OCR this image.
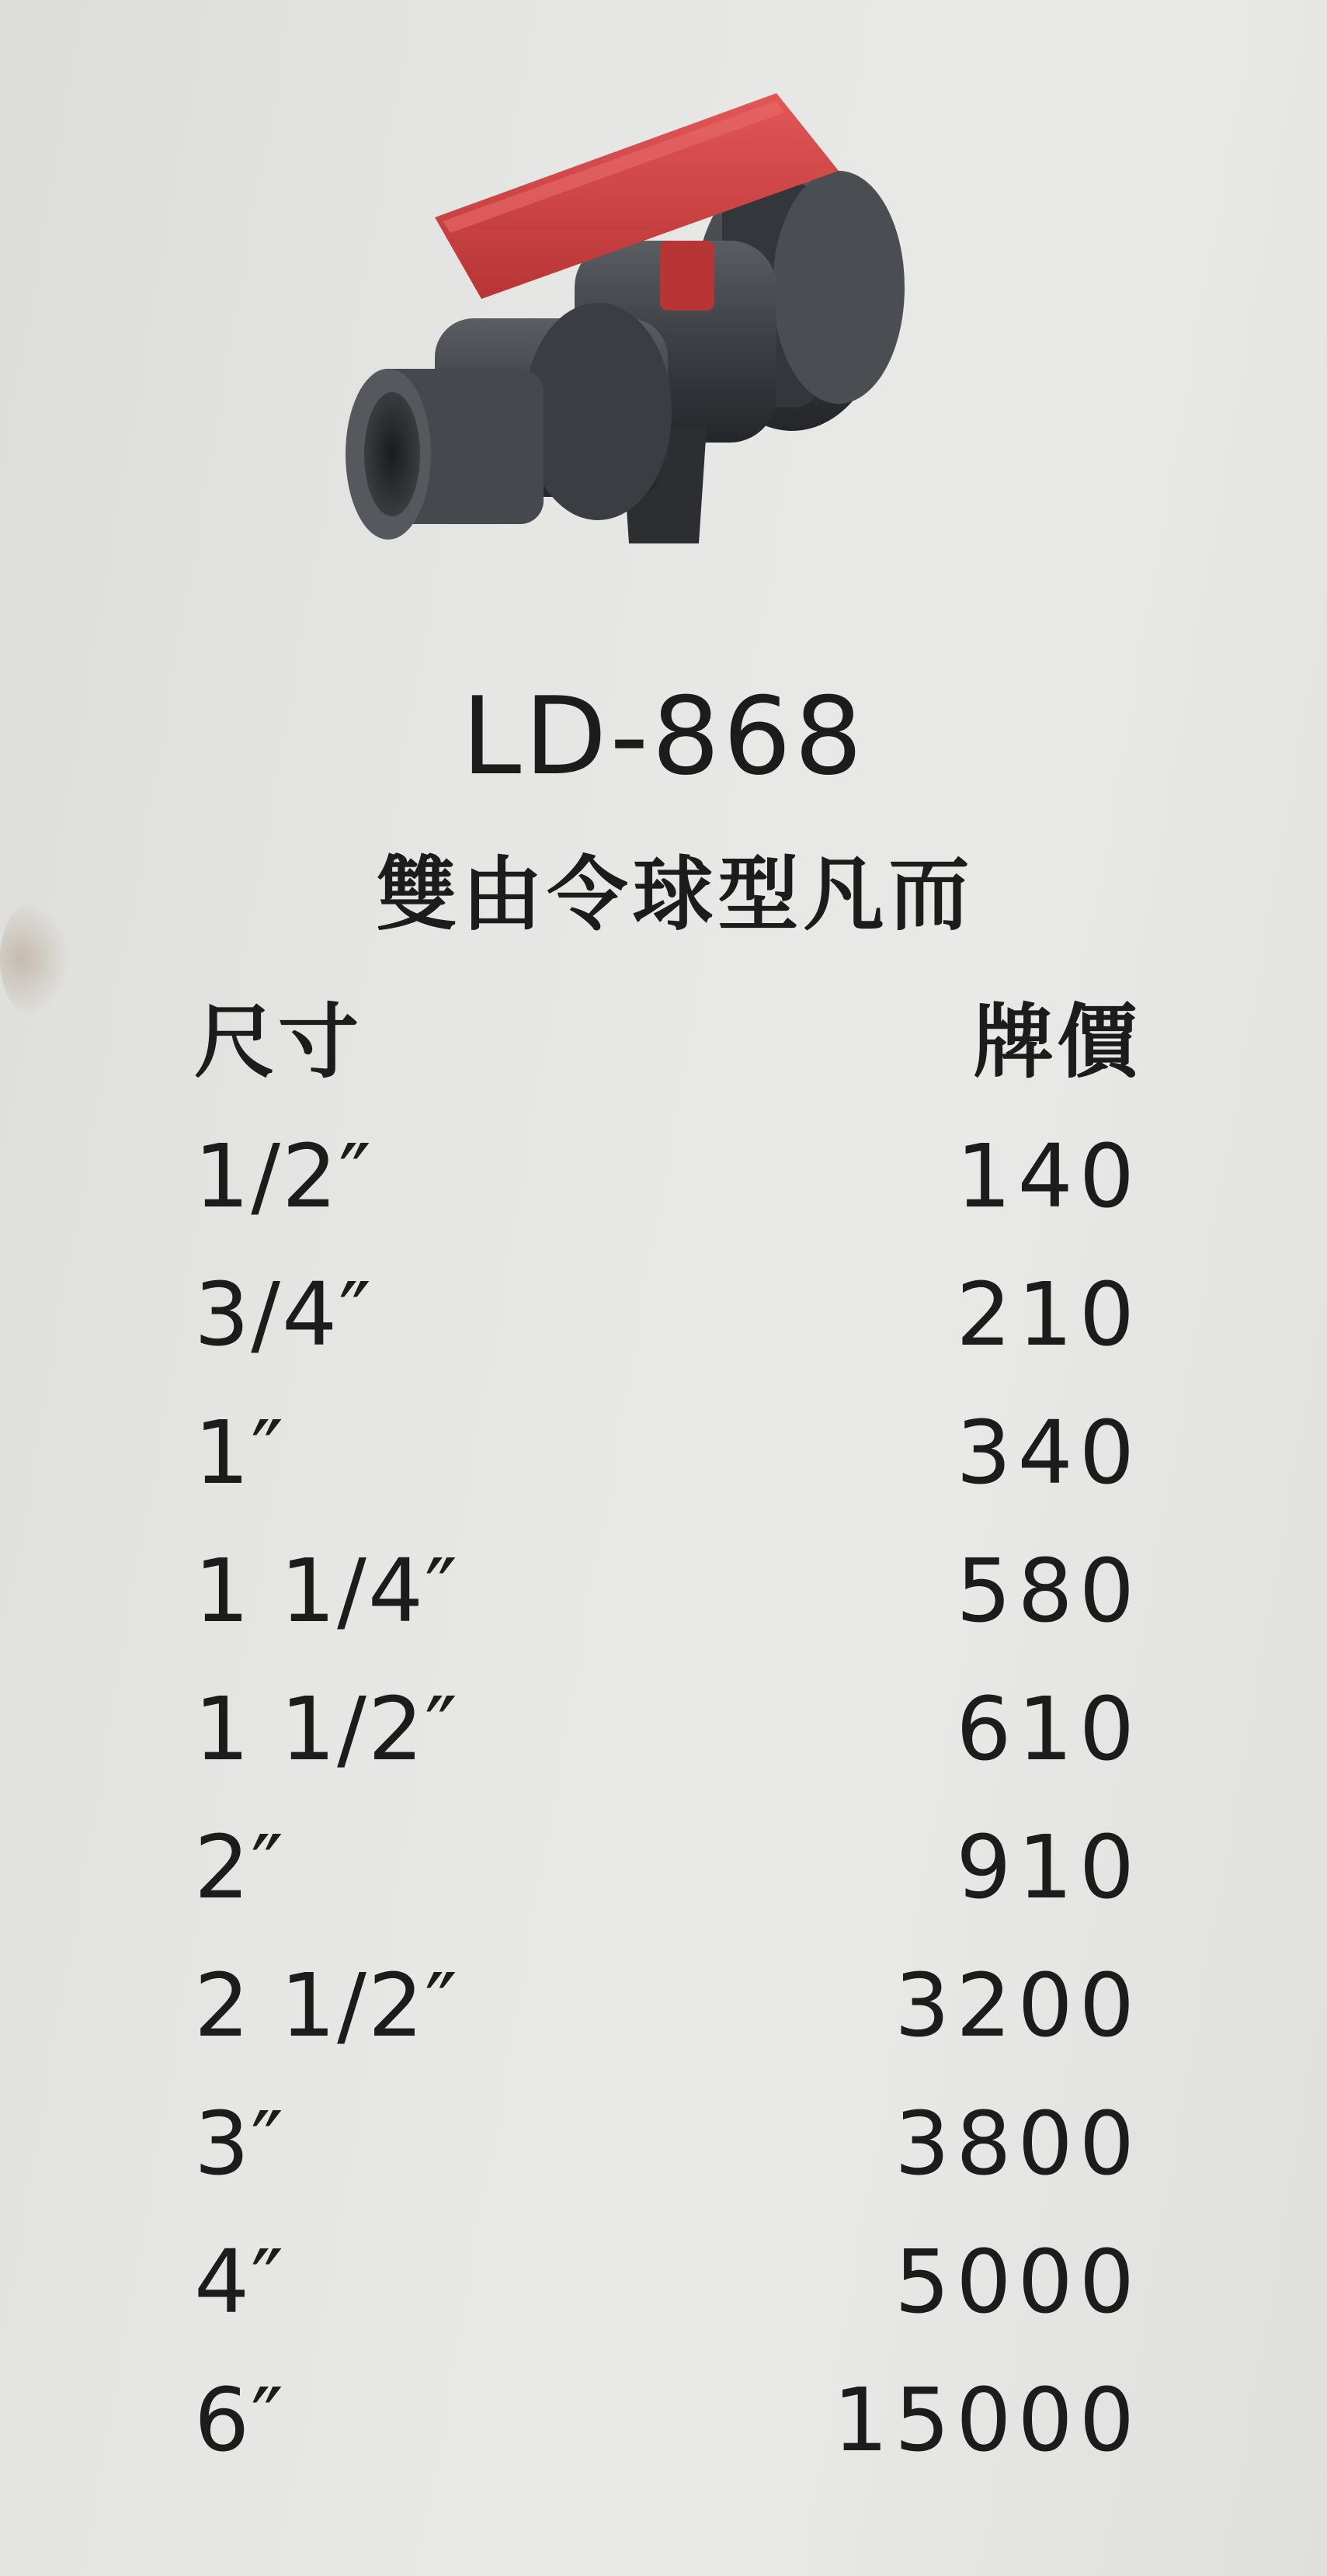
LD-868
雙由令球型凡而
尺寸	牌價
1/2″	140
3/4″	210
1″	340
1 1/4″	580
1 1/2″	610
2″	910
2 1/2″	3200
3″	3800
4″	5000
6″	15000
